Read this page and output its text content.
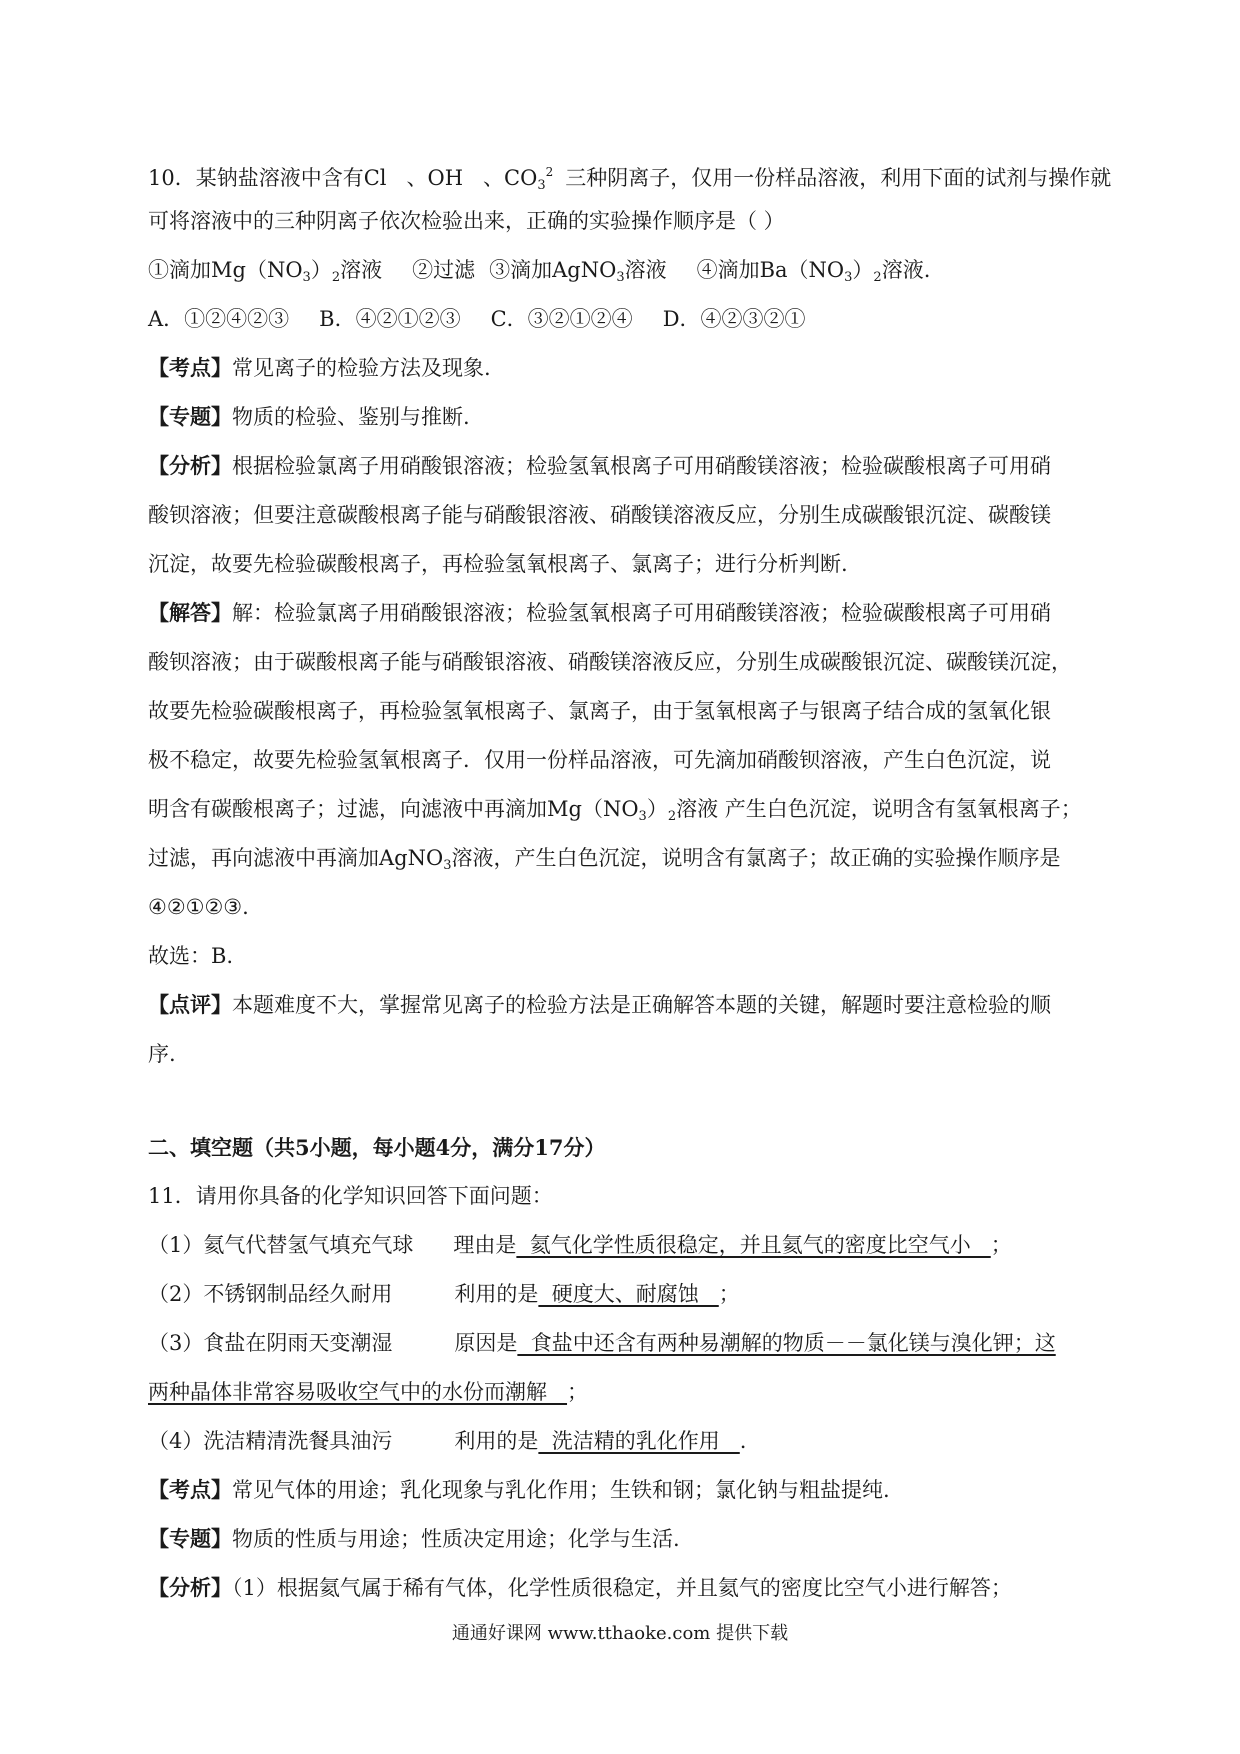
10．某钠盐溶液中含有Cl 、OH 、$CO_3^2$ 三种阴离子，仅用一份样品溶液，利用下面的试剂与操作就
可将溶液中的三种阴离子依次检验出来，正确的实验操作顺序是（ ）
①滴加$Mg(NO_3)_2$溶液 ②过滤 ③滴加AgNO$_3$溶液 ④滴加$Ba(NO_3)_2$溶液.
A．①②④②③ B．④②①②③ C．③②①②④ D．④②③②①
【考点】常见离子的检验方法及现象.
【专题】物质的检验、鉴别与推断.
【分析】根据检验氯离子用硝酸银溶液；检验氢氧根离子可用硝酸镁溶液；检验碳酸根离子可用硝
酸钡溶液；但要注意碳酸根离子能与硝酸银溶液、硝酸镁溶液反应，分别生成碳酸银沉淀、碳酸镁
沉淀，故要先检验碳酸根离子，再检验氢氧根离子、氯离子；进行分析判断.
【解答】解：检验氯离子用硝酸银溶液；检验氢氧根离子可用硝酸镁溶液；检验碳酸根离子可用硝
酸钡溶液；由于碳酸根离子能与硝酸银溶液、硝酸镁溶液反应，分别生成碳酸银沉淀、碳酸镁沉淀，
故要先检验碳酸根离子，再检验氢氧根离子、氯离子，由于氢氧根离子与银离子结合成的氢氧化银
极不稳定，故要先检验氢氧根离子．仅用一份样品溶液，可先滴加硝酸钡溶液，产生白色沉淀，说
明含有碳酸根离子；过滤，向滤液中再滴加$Mg(NO_3)_2$溶液 产生白色沉淀，说明含有氢氧根离子；
过滤，再向滤液中再滴加AgNO$_3$溶液，产生白色沉淀，说明含有氯离子；故正确的实验操作顺序是
④②①②③.
故选：B.
【点评】本题难度不大，掌握常见离子的检验方法是正确解答本题的关键，解题时要注意检验的顺
序.
二、填空题（共5小题，每小题4分，满分17分）
11．请用你具备的化学知识回答下面问题：
（1）氦气代替氢气填充气球 理由是  氦气化学性质很稳定，并且氦气的密度比空气小   ；
（2）不锈钢制品经久耐用	利用的是  硬度大、耐腐蚀   ；
（3）食盐在阴雨天变潮湿	原因是  食盐中还含有两种易潮解的物质－－氯化镁与溴化钾；这
两种晶体非常容易吸收空气中的水份而潮解   ；
（4）洗洁精清洗餐具油污	利用的是  洗洁精的乳化作用   .
【考点】常见气体的用途；乳化现象与乳化作用；生铁和钢；氯化钠与粗盐提纯.
【专题】物质的性质与用途；性质决定用途；化学与生活.
【分析】（1）根据氦气属于稀有气体，化学性质很稳定，并且氦气的密度比空气小进行解答；
通通好课网 www.tthaoke.com 提供下载
